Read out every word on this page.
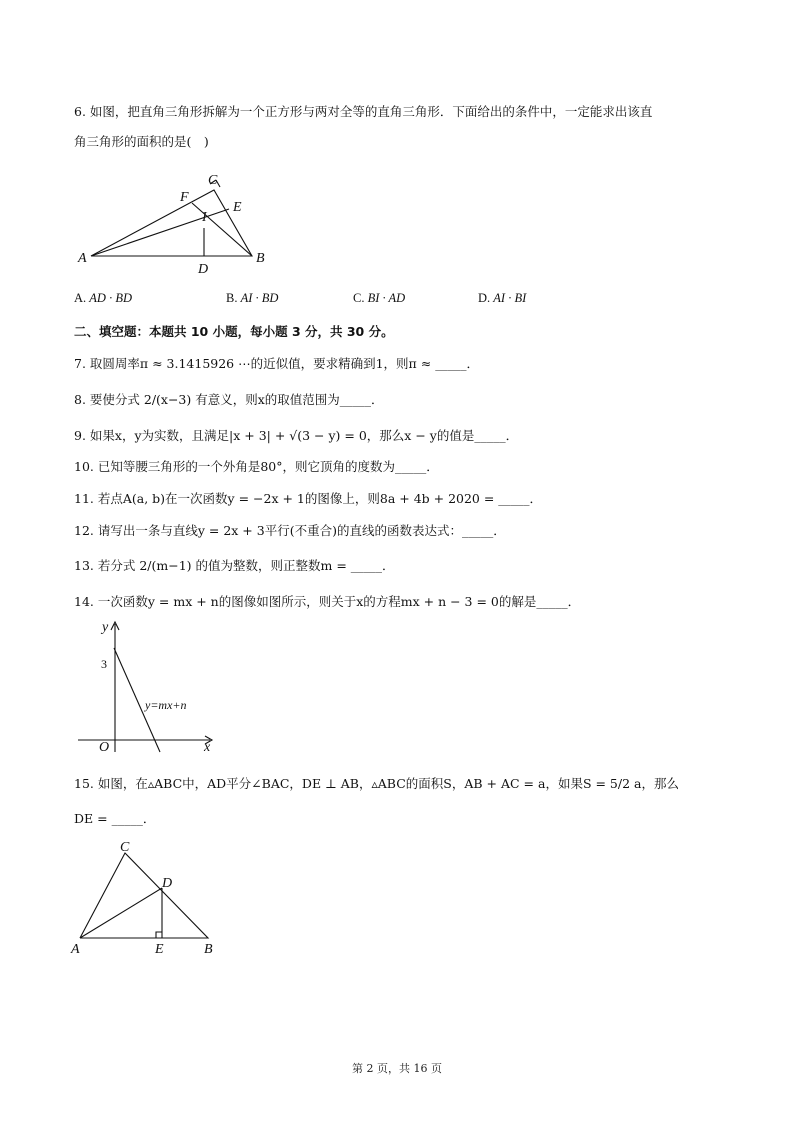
6. 如图，把直角三角形拆解为一个正方形与两对全等的直角三角形．下面给出的条件中，一定能求出该直
角三角形的面积的是(　)
A	B
C
D
E
F
I
A. AD · BD	B. AI · BD	C. BI · AD	D. AI · BI
二、填空题：本题共 10 小题，每小题 3 分，共 30 分。
7. 取圆周率π ≈ 3.1415926 ⋯的近似值，要求精确到1，则π ≈ _____．
8. 要使分式 2/(x−3) 有意义，则x的取值范围为_____．
9. 如果x，y为实数，且满足|x + 3| + √(3 − y) = 0，那么x − y的值是_____．
10. 已知等腰三角形的一个外角是80°，则它顶角的度数为_____．
11. 若点A(a, b)在一次函数y = −2x + 1的图像上，则8a + 4b + 2020 = _____．
12. 请写出一条与直线y = 2x + 3平行(不重合)的直线的函数表达式：_____．
13. 若分式 2/(m−1) 的值为整数，则正整数m = _____．
14. 一次函数y = mx + n的图像如图所示，则关于x的方程mx + n − 3 = 0的解是_____．
y
x
O
3
y=mx+n
15. 如图，在▵ABC中，AD平分∠BAC，DE ⊥ AB，▵ABC的面积S，AB + AC = a，如果S = 5/2 a，那么
DE = _____．
A	B
C
D
E
第 2 页，共 16 页
